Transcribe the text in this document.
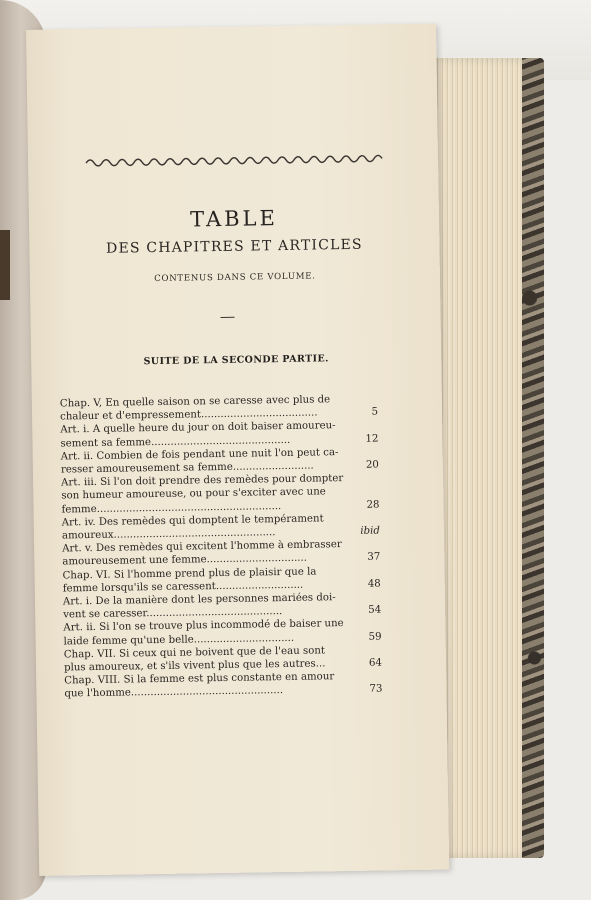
TABLE
DES CHAPITRES ET ARTICLES
CONTENUS DANS CE VOLUME.
SUITE DE LA SECONDE PARTIE.
Chap. V, En quelle saison on se caresse avec plus de
chaleur et d'empressement....................................	5
Art. i. A quelle heure du jour on doit baiser amoureu-
sement sa femme...........................................	12
Art. ii. Combien de fois pendant une nuit l'on peut ca-
resser amoureusement sa femme.........................	20
Art. iii. Si l'on doit prendre des remèdes pour dompter
son humeur amoureuse, ou pour s'exciter avec une
femme.........................................................	28
Art. iv. Des remèdes qui domptent le tempérament
amoureux..................................................	ibid
Art. v. Des remèdes qui excitent l'homme à embrasser
amoureusement une femme...............................	37
Chap. VI. Si l'homme prend plus de plaisir que la
femme lorsqu'ils se caressent...........................	48
Art. i. De la manière dont les personnes mariées doi-
vent se caresser..........................................	54
Art. ii. Si l'on se trouve plus incommodé de baiser une
laide femme qu'une belle...............................	59
Chap. VII. Si ceux qui ne boivent que de l'eau sont
plus amoureux, et s'ils vivent plus que les autres...	64
Chap. VIII. Si la femme est plus constante en amour
que l'homme...............................................	73
